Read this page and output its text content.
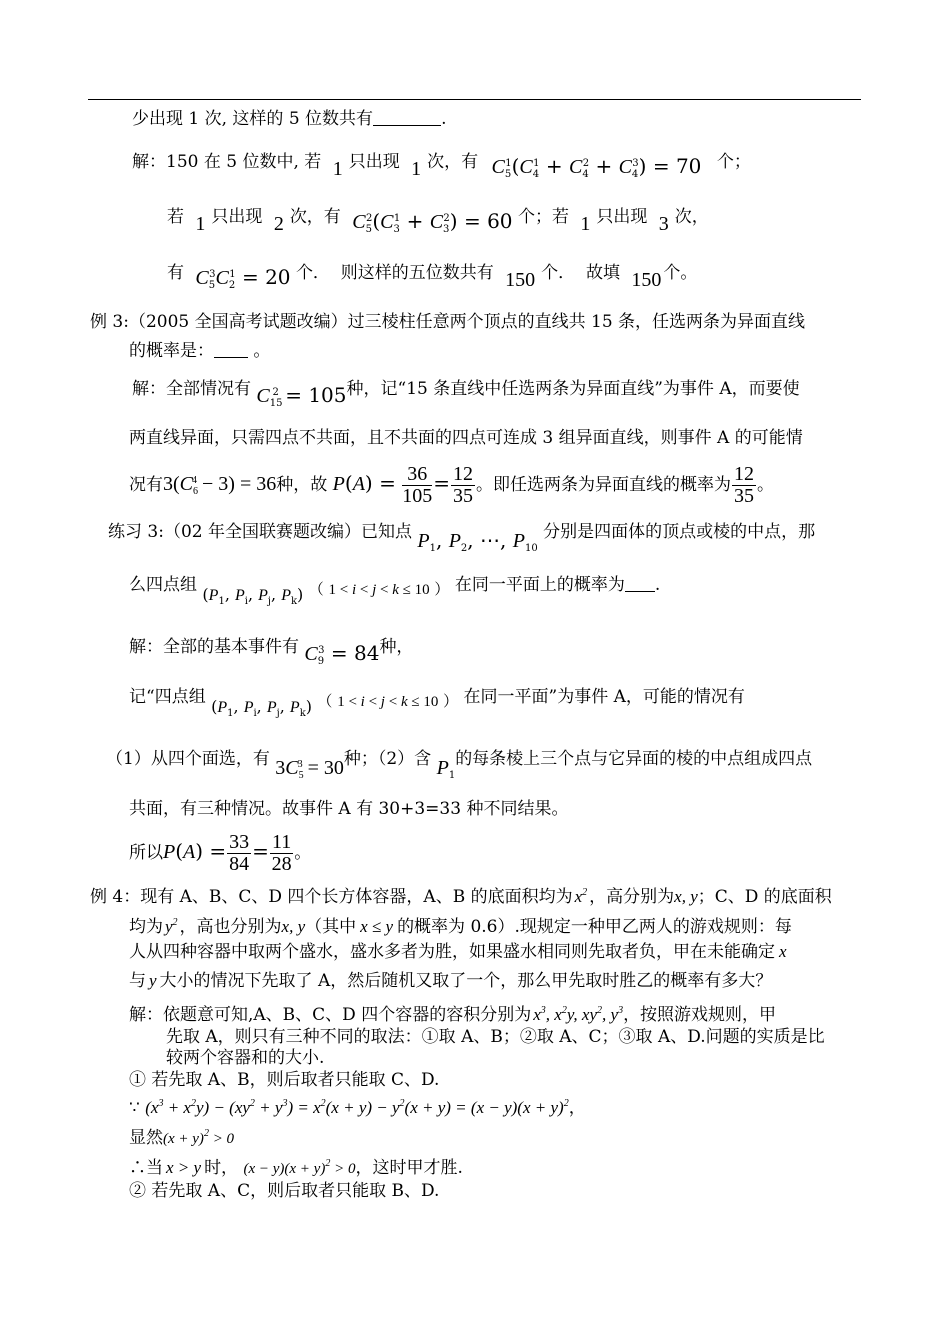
少出现 1 次, 这样的 5 位数共有	.
解：150 在 5 位数中, 若 1 只出现 1 次，有 $C_5^1(C_4^1 + C_4^2 + C_4^3) = 70$ 个；
若 1 只出现 2 次，有 $C_5^2(C_3^1 + C_3^2) = 60$ 个；若 1 只出现 3 次，
有 $C_5^3C_2^1 = 20$ 个． 则这样的五位数共有 150 个． 故填 150 个。
例 3:（2005 全国高考试题改编）过三棱柱任意两个顶点的直线共 15 条，任选两条为异面直线
的概率是： 。
解：全部情况有 $C_{15}^2 = 105$种，记“15 条直线中任选两条为异面直线”为事件 A，而要使
两直线异面，只需四点不共面，且不共面的四点可连成 3 组异面直线，则事件 A 的可能情
况有$3(C_6^4 - 3) = 36$种，故 $P(A) = \frac{36}{105} = \frac{12}{35}$ 。即任选两条为异面直线的概率为 $\frac{12}{35}$ 。
练习 3:（02 年全国联赛题改编）已知点 $P_1$, $P_2$, ⋯, $P_{10}$ 分别是四面体的顶点或棱的中点，那
么四点组 ($P_1$, $P_i$, $P_j$, $P_k$) （ 1 < i < j < k ≤ 10 ） 在同一平面上的概率为 .
解：全部的基本事件有 $C_9^3 = 84$种，
记“四点组 ($P_1$, $P_i$, $P_j$, $P_k$) （ 1 < i < j < k ≤ 10 ） 在同一平面”为事件 A，可能的情况有
（1）从四个面选，有 $3C_5^3 = 30$种；（2）含 $P_1$的每条棱上三个点与它异面的棱的中点组成四点
共面，有三种情况。故事件 A 有 30+3=33 种不同结果。
所以$P(A) = \frac{33}{84} = \frac{11}{28}$ 。
例 4：现有 A、B、C、D 四个长方体容器，A、B 的底面积均为 $x^2$ ，高分别为x, y；C、D 的底面积
均为 $y^2$ ，高也分别为x, y（其中 x ≤ y 的概率为 0.6）.现规定一种甲乙两人的游戏规则：每
人从四种容器中取两个盛水，盛水多者为胜，如果盛水相同则先取者负，甲在未能确定 x
与 y 大小的情况下先取了 A，然后随机又取了一个，那么甲先取时胜乙的概率有多大？
解：依题意可知,A、B、C、D 四个容器的容积分别为 $x^3$, $x^2y$, $xy^2$, $y^3$，按照游戏规则，甲
先取 A，则只有三种不同的取法：①取 A、B；②取 A、C；③取 A、D.问题的实质是比
较两个容器和的大小.
① 若先取 A、B，则后取者只能取 C、D.
∵ $(x^3 + x^2y) - (xy^2 + y^3) = x^2(x + y) - y^2(x + y) = (x - y)(x + y)^2$，
显然$(x + y)^2 > 0$
∴当 x > y 时， $(x - y)(x + y)^2 > 0$，这时甲才胜.
② 若先取 A、C，则后取者只能取 B、D.
